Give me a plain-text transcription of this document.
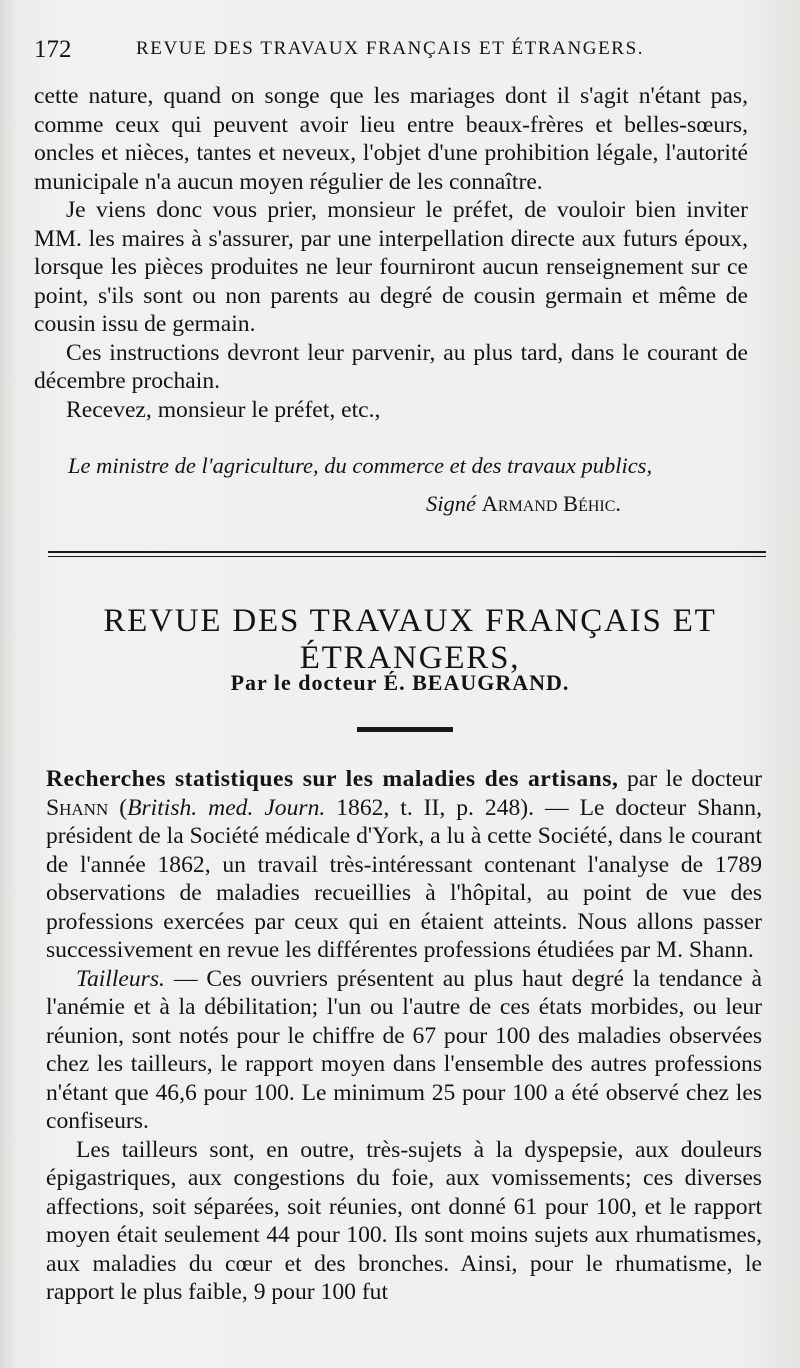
172	REVUE DES TRAVAUX FRANÇAIS ET ÉTRANGERS.

cette nature, quand on songe que les mariages dont il s'agit n'étant pas, comme ceux qui peuvent avoir lieu entre beaux-frères et belles-sœurs, oncles et nièces, tantes et neveux, l'objet d'une prohibition légale, l'autorité municipale n'a aucun moyen régulier de les connaître.

Je viens donc vous prier, monsieur le préfet, de vouloir bien inviter MM. les maires à s'assurer, par une interpellation directe aux futurs époux, lorsque les pièces produites ne leur fourniront aucun renseignement sur ce point, s'ils sont ou non parents au degré de cousin germain et même de cousin issu de germain.

Ces instructions devront leur parvenir, au plus tard, dans le courant de décembre prochain.

Recevez, monsieur le préfet, etc.,

Le ministre de l'agriculture, du commerce et des travaux publics,
Signé Armand Béhic.
REVUE DES TRAVAUX FRANÇAIS ET ÉTRANGERS,
Par le docteur É. BEAUGRAND.

Recherches statistiques sur les maladies des artisans, par le docteur Shann (British. med. Journ. 1862, t. II, p. 248). — Le docteur Shann, président de la Société médicale d'York, a lu à cette Société, dans le courant de l'année 1862, un travail très-intéressant contenant l'analyse de 1789 observations de maladies recueillies à l'hôpital, au point de vue des professions exercées par ceux qui en étaient atteints. Nous allons passer successivement en revue les différentes professions étudiées par M. Shann.

Tailleurs. — Ces ouvriers présentent au plus haut degré la tendance à l'anémie et à la débilitation; l'un ou l'autre de ces états morbides, ou leur réunion, sont notés pour le chiffre de 67 pour 100 des maladies observées chez les tailleurs, le rapport moyen dans l'ensemble des autres professions n'étant que 46,6 pour 100. Le minimum 25 pour 100 a été observé chez les confiseurs.

Les tailleurs sont, en outre, très-sujets à la dyspepsie, aux douleurs épigastriques, aux congestions du foie, aux vomissements; ces diverses affections, soit séparées, soit réunies, ont donné 61 pour 100, et le rapport moyen était seulement 44 pour 100. Ils sont moins sujets aux rhumatismes, aux maladies du cœur et des bronches. Ainsi, pour le rhumatisme, le rapport le plus faible, 9 pour 100 fut
